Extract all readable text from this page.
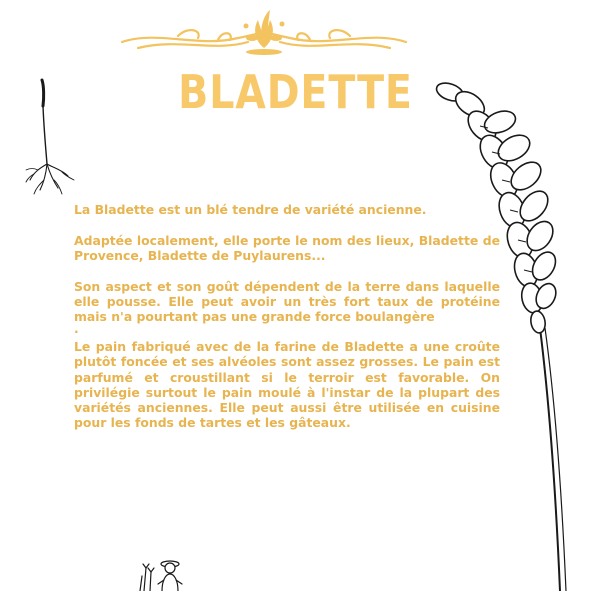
BLADETTE

La Bladette est un blé tendre de variété ancienne.

Adaptée localement, elle porte le nom des lieux, Bladette de Provence, Bladette de Puylaurens...

Son aspect et son goût dépendent de la terre dans laquelle elle pousse. Elle peut avoir un très fort taux de protéine mais n'a pourtant pas une grande force boulangère

.

Le pain fabriqué avec de la farine de Bladette a une croûte plutôt foncée et ses alvéoles sont assez grosses. Le pain est parfumé et croustillant si le terroir est favorable. On privilégie surtout le pain moulé à l'instar de la plupart des variétés anciennes. Elle peut aussi être utilisée en cuisine pour les fonds de tartes et les gâteaux.
